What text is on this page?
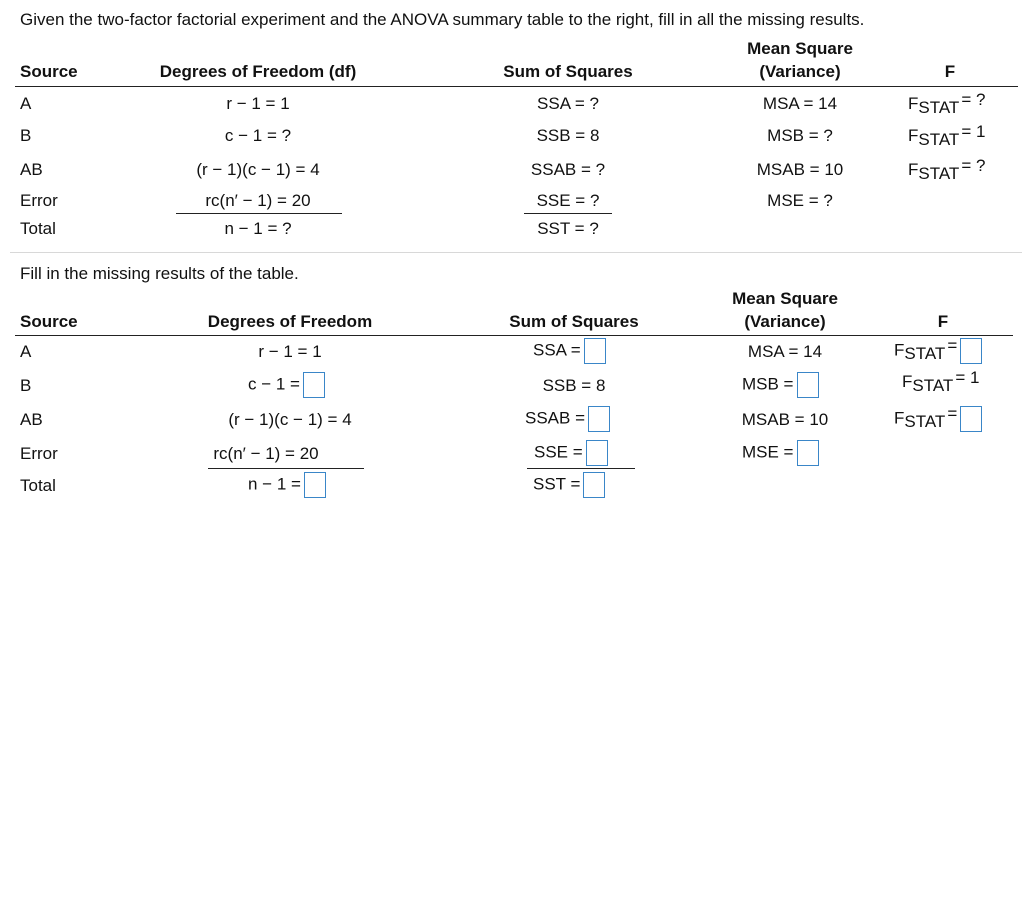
Given the two-factor factorial experiment and the ANOVA summary table to the right, fill in all the missing results.
Source	Degrees of Freedom (df)	Sum of Squares
Mean Square
(Variance)	F
A	r − 1 = 1	SSA = ?	MSA = 14	FSTAT = ?
B	c − 1 = ?	SSB = 8	MSB = ?	FSTAT = 1
AB	(r − 1)(c − 1) = 4	SSAB = ?	MSAB = 10	FSTAT = ?
Error	rc(n′ − 1) = 20	SSE = ?	MSE = ?
Total	n − 1 = ?	SST = ?
Fill in the missing results of the table.
Source	Degrees of Freedom	Sum of Squares
Mean Square
(Variance)	F
A	r − 1 = 1	SSA =	MSA = 14	FSTAT =
B	c − 1 =	SSB = 8	MSB =	FSTAT = 1
AB	(r − 1)(c − 1) = 4	SSAB =	MSAB = 10	FSTAT =
Error	rc(n′ − 1) = 20	SSE =	MSE =
Total	n − 1 =	SST =
